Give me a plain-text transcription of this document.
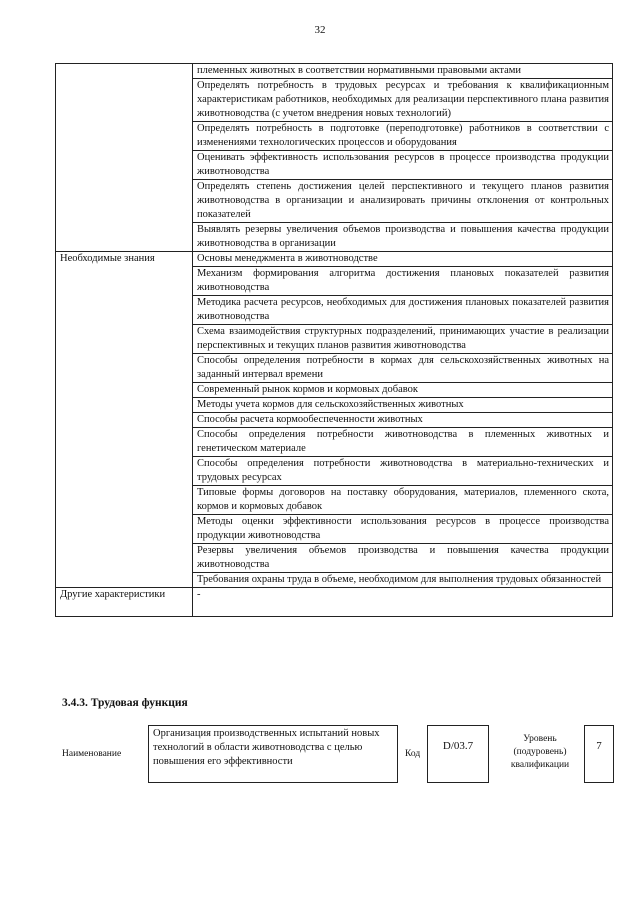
32
	племенных животных в соответствии нормативными правовыми актами
	Определять потребность в трудовых ресурсах и требования к квалификационным характеристикам работников, необходимых для реализации перспективного плана развития животноводства (с учетом внедрения новых технологий)
	Определять потребность в подготовке (переподготовке) работников в соответствии с изменениями технологических процессов и оборудования
	Оценивать эффективность использования ресурсов в процессе производства продукции животноводства
	Определять степень достижения целей перспективного и текущего планов развития животноводства в организации и анализировать причины отклонения от контрольных показателей
	Выявлять резервы увеличения объемов производства и повышения качества продукции животноводства в организации
Необходимые знания	Основы менеджмента в животноводстве
	Механизм формирования алгоритма достижения плановых показателей развития животноводства
	Методика расчета ресурсов, необходимых для достижения плановых показателей развития животноводства
	Схема взаимодействия структурных подразделений, принимающих участие в реализации перспективных и текущих планов развития животноводства
	Способы определения потребности в кормах для сельскохозяйственных животных на заданный интервал времени
	Современный рынок кормов и кормовых добавок
	Методы учета кормов для сельскохозяйственных животных
	Способы расчета кормообеспеченности животных
	Способы определения потребности животноводства в племенных животных и генетическом материале
	Способы определения потребности животноводства в материально-технических и трудовых ресурсах
	Типовые формы договоров на поставку оборудования, материалов, племенного скота, кормов и кормовых добавок
	Методы оценки эффективности использования ресурсов в процессе производства продукции животноводства
	Резервы увеличения объемов производства и повышения качества продукции животноводства
	Требования охраны труда в объеме, необходимом для выполнения трудовых обязанностей
Другие характеристики	-
3.4.3. Трудовая функция
Наименование
Организация производственных испытаний новых технологий в области животноводства с целью повышения его эффективности
Код
D/03.7
Уровень
(подуровень)
квалификации
7
